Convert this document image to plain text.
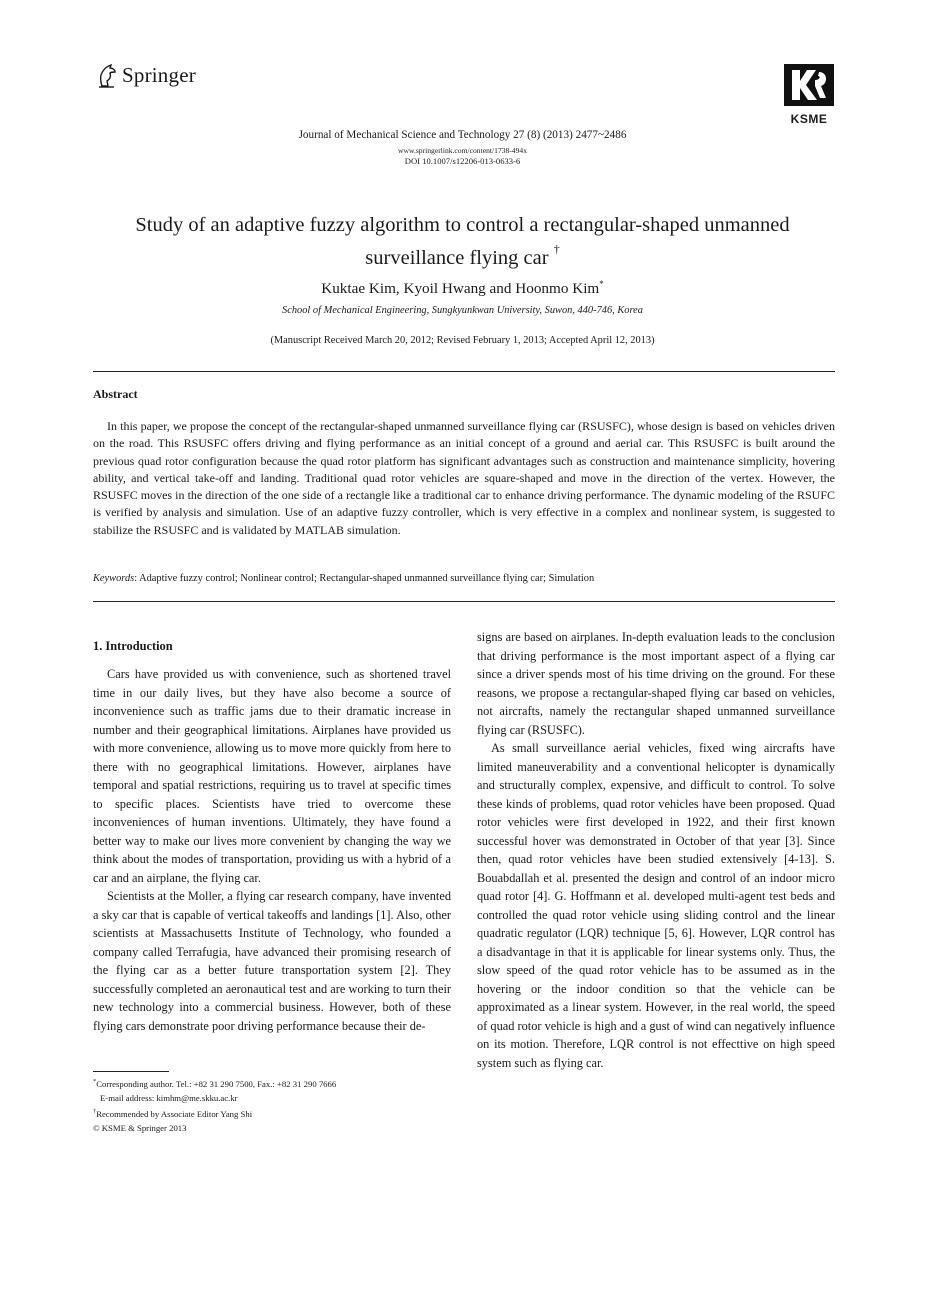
Springer
KSME
Journal of Mechanical Science and Technology 27 (8) (2013) 2477~2486
www.springerlink.com/content/1738-494x
DOI 10.1007/s12206-013-0633-6
Study of an adaptive fuzzy algorithm to control a rectangular-shaped unmanned
surveillance flying car †
Kuktae Kim, Kyoil Hwang and Hoonmo Kim*
School of Mechanical Engineering, Sungkyunkwan University, Suwon, 440-746, Korea
(Manuscript Received March 20, 2012; Revised February 1, 2013; Accepted April 12, 2013)
Abstract

In this paper, we propose the concept of the rectangular-shaped unmanned surveillance flying car (RSUSFC), whose design is based on vehicles driven on the road. This RSUSFC offers driving and flying performance as an initial concept of a ground and aerial car. This RSUSFC is built around the previous quad rotor configuration because the quad rotor platform has significant advantages such as construction and maintenance simplicity, hovering ability, and vertical take-off and landing. Traditional quad rotor vehicles are square-shaped and move in the direction of the vertex. However, the RSUSFC moves in the direction of the one side of a rectangle like a traditional car to enhance driving performance. The dynamic modeling of the RSUFC is verified by analysis and simulation. Use of an adaptive fuzzy controller, which is very effective in a complex and nonlinear system, is suggested to stabilize the RSUSFC and is validated by MATLAB simulation.

Keywords: Adaptive fuzzy control; Nonlinear control; Rectangular-shaped unmanned surveillance flying car; Simulation
1. Introduction

Cars have provided us with convenience, such as shortened travel time in our daily lives, but they have also become a source of inconvenience such as traffic jams due to their dramatic increase in number and their geographical limitations. Airplanes have provided us with more convenience, allowing us to move more quickly from here to there with no geographical limitations. However, airplanes have temporal and spatial restrictions, requiring us to travel at specific times to specific places. Scientists have tried to overcome these inconveniences of human inventions. Ultimately, they have found a better way to make our lives more convenient by changing the way we think about the modes of transportation, providing us with a hybrid of a car and an airplane, the flying car.

Scientists at the Moller, a flying car research company, have invented a sky car that is capable of vertical takeoffs and landings [1]. Also, other scientists at Massachusetts Institute of Technology, who founded a company called Terrafugia, have advanced their promising research of the flying car as a better future transportation system [2]. They successfully completed an aeronautical test and are working to turn their new technology into a commercial business. However, both of these flying cars demonstrate poor driving performance because their de-

signs are based on airplanes. In-depth evaluation leads to the conclusion that driving performance is the most important aspect of a flying car since a driver spends most of his time driving on the ground. For these reasons, we propose a rectangular-shaped flying car based on vehicles, not aircrafts, namely the rectangular shaped unmanned surveillance flying car (RSUSFC).

As small surveillance aerial vehicles, fixed wing aircrafts have limited maneuverability and a conventional helicopter is dynamically and structurally complex, expensive, and difficult to control. To solve these kinds of problems, quad rotor vehicles have been proposed. Quad rotor vehicles were first developed in 1922, and their first known successful hover was demonstrated in October of that year [3]. Since then, quad rotor vehicles have been studied extensively [4-13]. S. Bouabdallah et al. presented the design and control of an indoor micro quad rotor [4]. G. Hoffmann et al. developed multi-agent test beds and controlled the quad rotor vehicle using sliding control and the linear quadratic regulator (LQR) technique [5, 6]. However, LQR control has a disadvantage in that it is applicable for linear systems only. Thus, the slow speed of the quad rotor vehicle has to be assumed as in the hovering or the indoor condition so that the vehicle can be approximated as a linear system. However, in the real world, the speed of quad rotor vehicle is high and a gust of wind can negatively influence on its motion. Therefore, LQR control is not effecttive on high speed system such as flying car.

*Corresponding author. Tel.: +82 31 290 7500, Fax.: +82 31 290 7666
E-mail address: kimhm@me.skku.ac.kr
†Recommended by Associate Editor Yang Shi
© KSME & Springer 2013
